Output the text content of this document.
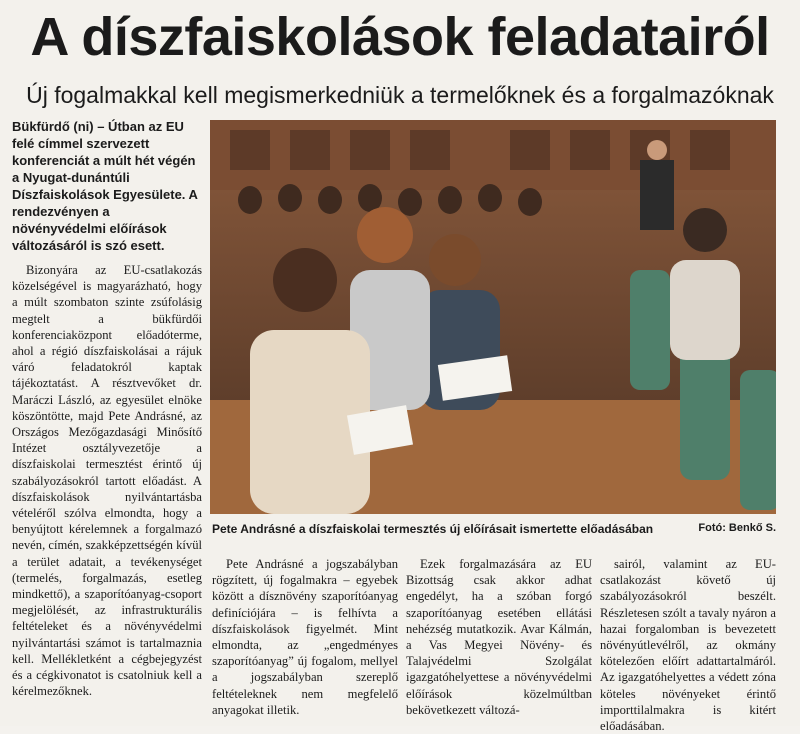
A díszfaiskolások feladatairól
Új fogalmakkal kell megismerkedniük a termelőknek és a forgalmazóknak
Bükfürdő (ni) – Útban az EU felé címmel szervezett konferenciát a múlt hét végén a Nyugat-dunántúli Díszfaiskolások Egyesülete. A rendezvényen a növényvédelmi előírások változásáról is szó esett.

Bizonyára az EU-csatlakozás közelségével is magyarázható, hogy a múlt szombaton szinte zsúfolásig megtelt a bükfürdői konferenciaközpont előadóterme, ahol a régió díszfaiskolásai a rájuk váró feladatokról kaptak tájékoztatást. A résztvevőket dr. Maráczi László, az egyesület elnöke köszöntötte, majd Pete Andrásné, az Országos Mezőgazdasági Minősítő Intézet osztályvezetője a díszfaiskolai termesztést érintő új szabályozásokról tartott előadást. A díszfaiskolások nyilvántartásba vételéről szólva elmondta, hogy a benyújtott kérelemnek a forgalmazó nevén, címén, szakképzettségén kívül a terület adatait, a tevékenységet (termelés, forgalmazás, esetleg mindkettő), a szaporítóanyag-csoport megjelölését, az infrastrukturális feltételeket és a növényvédelmi nyilvántartási számot is tartalmaznia kell. Mellékletként a cégbejegyzést és a cégkivonatot is csatolniuk kell a kérelmezőknek.

Pete Andrásné a díszfaiskolai termesztés új előírásait ismertette előadásában	Fotó: Benkő S.

Pete Andrásné a jogszabályban rögzített, új fogalmakra – egyebek között a dísznövény szaporítóanyag definíciójára – is felhívta a díszfaiskolások figyelmét. Mint elmondta, az „engedményes szaporítóanyag” új fogalom, mellyel a jogszabályban szereplő feltételeknek nem megfelelő anyagokat illetik.

Ezek forgalmazására az EU Bizottság csak akkor adhat engedélyt, ha a szóban forgó szaporítóanyag esetében ellátási nehézség mutatkozik. Avar Kálmán, a Vas Megyei Növény- és Talajvédelmi Szolgálat igazgatóhelyettese a növényvédelmi előírások közelmúltban bekövetkezett változá-

sairól, valamint az EU-csatlakozást követő új szabályozásokról beszélt. Részletesen szólt a tavaly nyáron a hazai forgalomban is bevezetett növényútlevélről, az okmány kötelezően előírt adattartalmáról. Az igazgatóhelyettes a védett zóna köteles növényeket érintő importtilalmakra is kitért előadásában.
